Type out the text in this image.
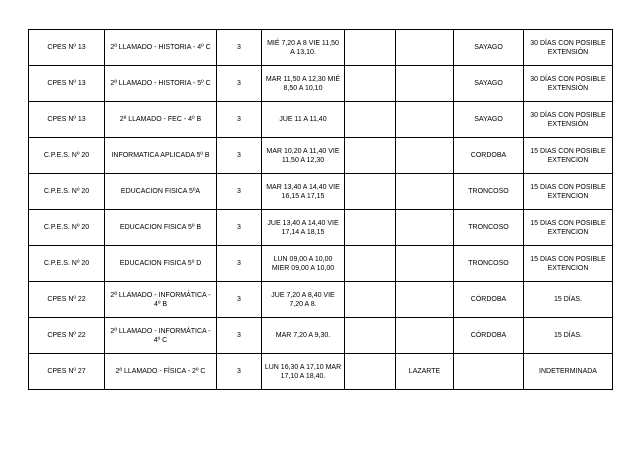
CPES Nº 13	2ª LLAMADO - HISTORIA - 4º C	3	MIÉ 7,20 A 8 VIE 11,50 A 13,10.			SAYAGO	30 DÍAS CON POSIBLE EXTENSIÓN
CPES Nº 13	2ª LLAMADO - HISTORIA - 5º C	3	MAR 11,50 A 12,30 MIÉ 8,50 A 10,10			SAYAGO	30 DÍAS CON POSIBLE EXTENSIÓN
CPES Nº 13	2ª LLAMADO - FEC - 4º B	3	JUE 11 A 11,40			SAYAGO	30 DÍAS CON POSIBLE EXTENSIÓN
C.P.E.S. Nº 20	INFORMATICA APLICADA 5º B	3	MAR 10,20 A 11,40 VIE 11,50 A 12,30			CORDOBA	15 DIAS CON POSIBLE EXTENCION
C.P.E.S. Nº 20	EDUCACION FISICA 5ºA	3	MAR 13,40 A 14,40 VIE 16,15 A 17,15			TRONCOSO	15 DIAS CON POSIBLE EXTENCION
C.P.E.S. Nº 20	EDUCACION FISICA 5º B	3	JUE 13,40 A 14,40 VIE 17,14 A 18,15			TRONCOSO	15 DIAS CON POSIBLE EXTENCION
C.P.E.S. Nº 20	EDUCACION FISICA 5º D	3	LUN 09,00 A 10,00 MIER 09,00 A 10,00			TRONCOSO	15 DIAS CON POSIBLE EXTENCION
CPES Nº 22	2ª LLAMADO - INFORMÁTICA - 4º B	3	JUE 7,20 A 8,40 VIE 7,20 A 8.			CÓRDOBA	15 DÍAS.
CPES Nº 22	2ª LLAMADO - INFORMÁTICA - 4º C	3	MAR 7,20 A 9,30.			CÓRDOBA	15 DÍAS.
CPES Nº 27	2ª LLAMADO - FÍSICA - 2º C	3	LUN 16,30 A 17,10 MAR 17,10 A 18,40.		LAZARTE		INDETERMINADA
